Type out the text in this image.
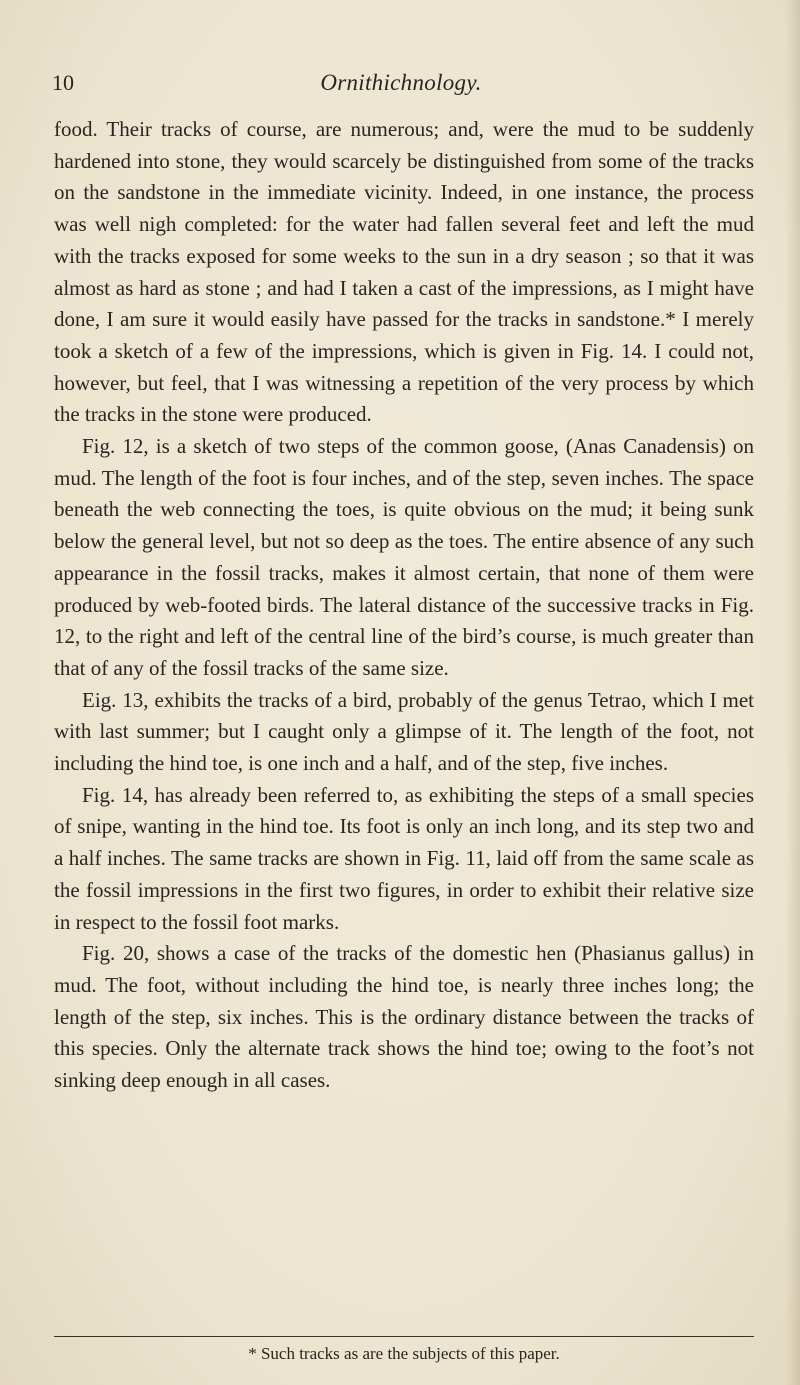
10	Ornithichnology.

food. Their tracks of course, are numerous; and, were the mud to be suddenly hardened into stone, they would scarcely be distinguished from some of the tracks on the sandstone in the immediate vicinity. Indeed, in one instance, the process was well nigh completed: for the water had fallen several feet and left the mud with the tracks exposed for some weeks to the sun in a dry season ; so that it was almost as hard as stone ; and had I taken a cast of the impressions, as I might have done, I am sure it would easily have passed for the tracks in sandstone.* I merely took a sketch of a few of the impressions, which is given in Fig. 14. I could not, however, but feel, that I was witnessing a repetition of the very process by which the tracks in the stone were produced.

Fig. 12, is a sketch of two steps of the common goose, (Anas Canadensis) on mud. The length of the foot is four inches, and of the step, seven inches. The space beneath the web connecting the toes, is quite obvious on the mud; it being sunk below the general level, but not so deep as the toes. The entire absence of any such appearance in the fossil tracks, makes it almost certain, that none of them were produced by web-footed birds. The lateral distance of the successive tracks in Fig. 12, to the right and left of the central line of the bird’s course, is much greater than that of any of the fossil tracks of the same size.

Eig. 13, exhibits the tracks of a bird, probably of the genus Tetrao, which I met with last summer; but I caught only a glimpse of it. The length of the foot, not including the hind toe, is one inch and a half, and of the step, five inches.

Fig. 14, has already been referred to, as exhibiting the steps of a small species of snipe, wanting in the hind toe. Its foot is only an inch long, and its step two and a half inches. The same tracks are shown in Fig. 11, laid off from the same scale as the fossil impressions in the first two figures, in order to exhibit their relative size in respect to the fossil foot marks.

Fig. 20, shows a case of the tracks of the domestic hen (Phasianus gallus) in mud. The foot, without including the hind toe, is nearly three inches long; the length of the step, six inches. This is the ordinary distance between the tracks of this species. Only the alternate track shows the hind toe; owing to the foot’s not sinking deep enough in all cases.

* Such tracks as are the subjects of this paper.
